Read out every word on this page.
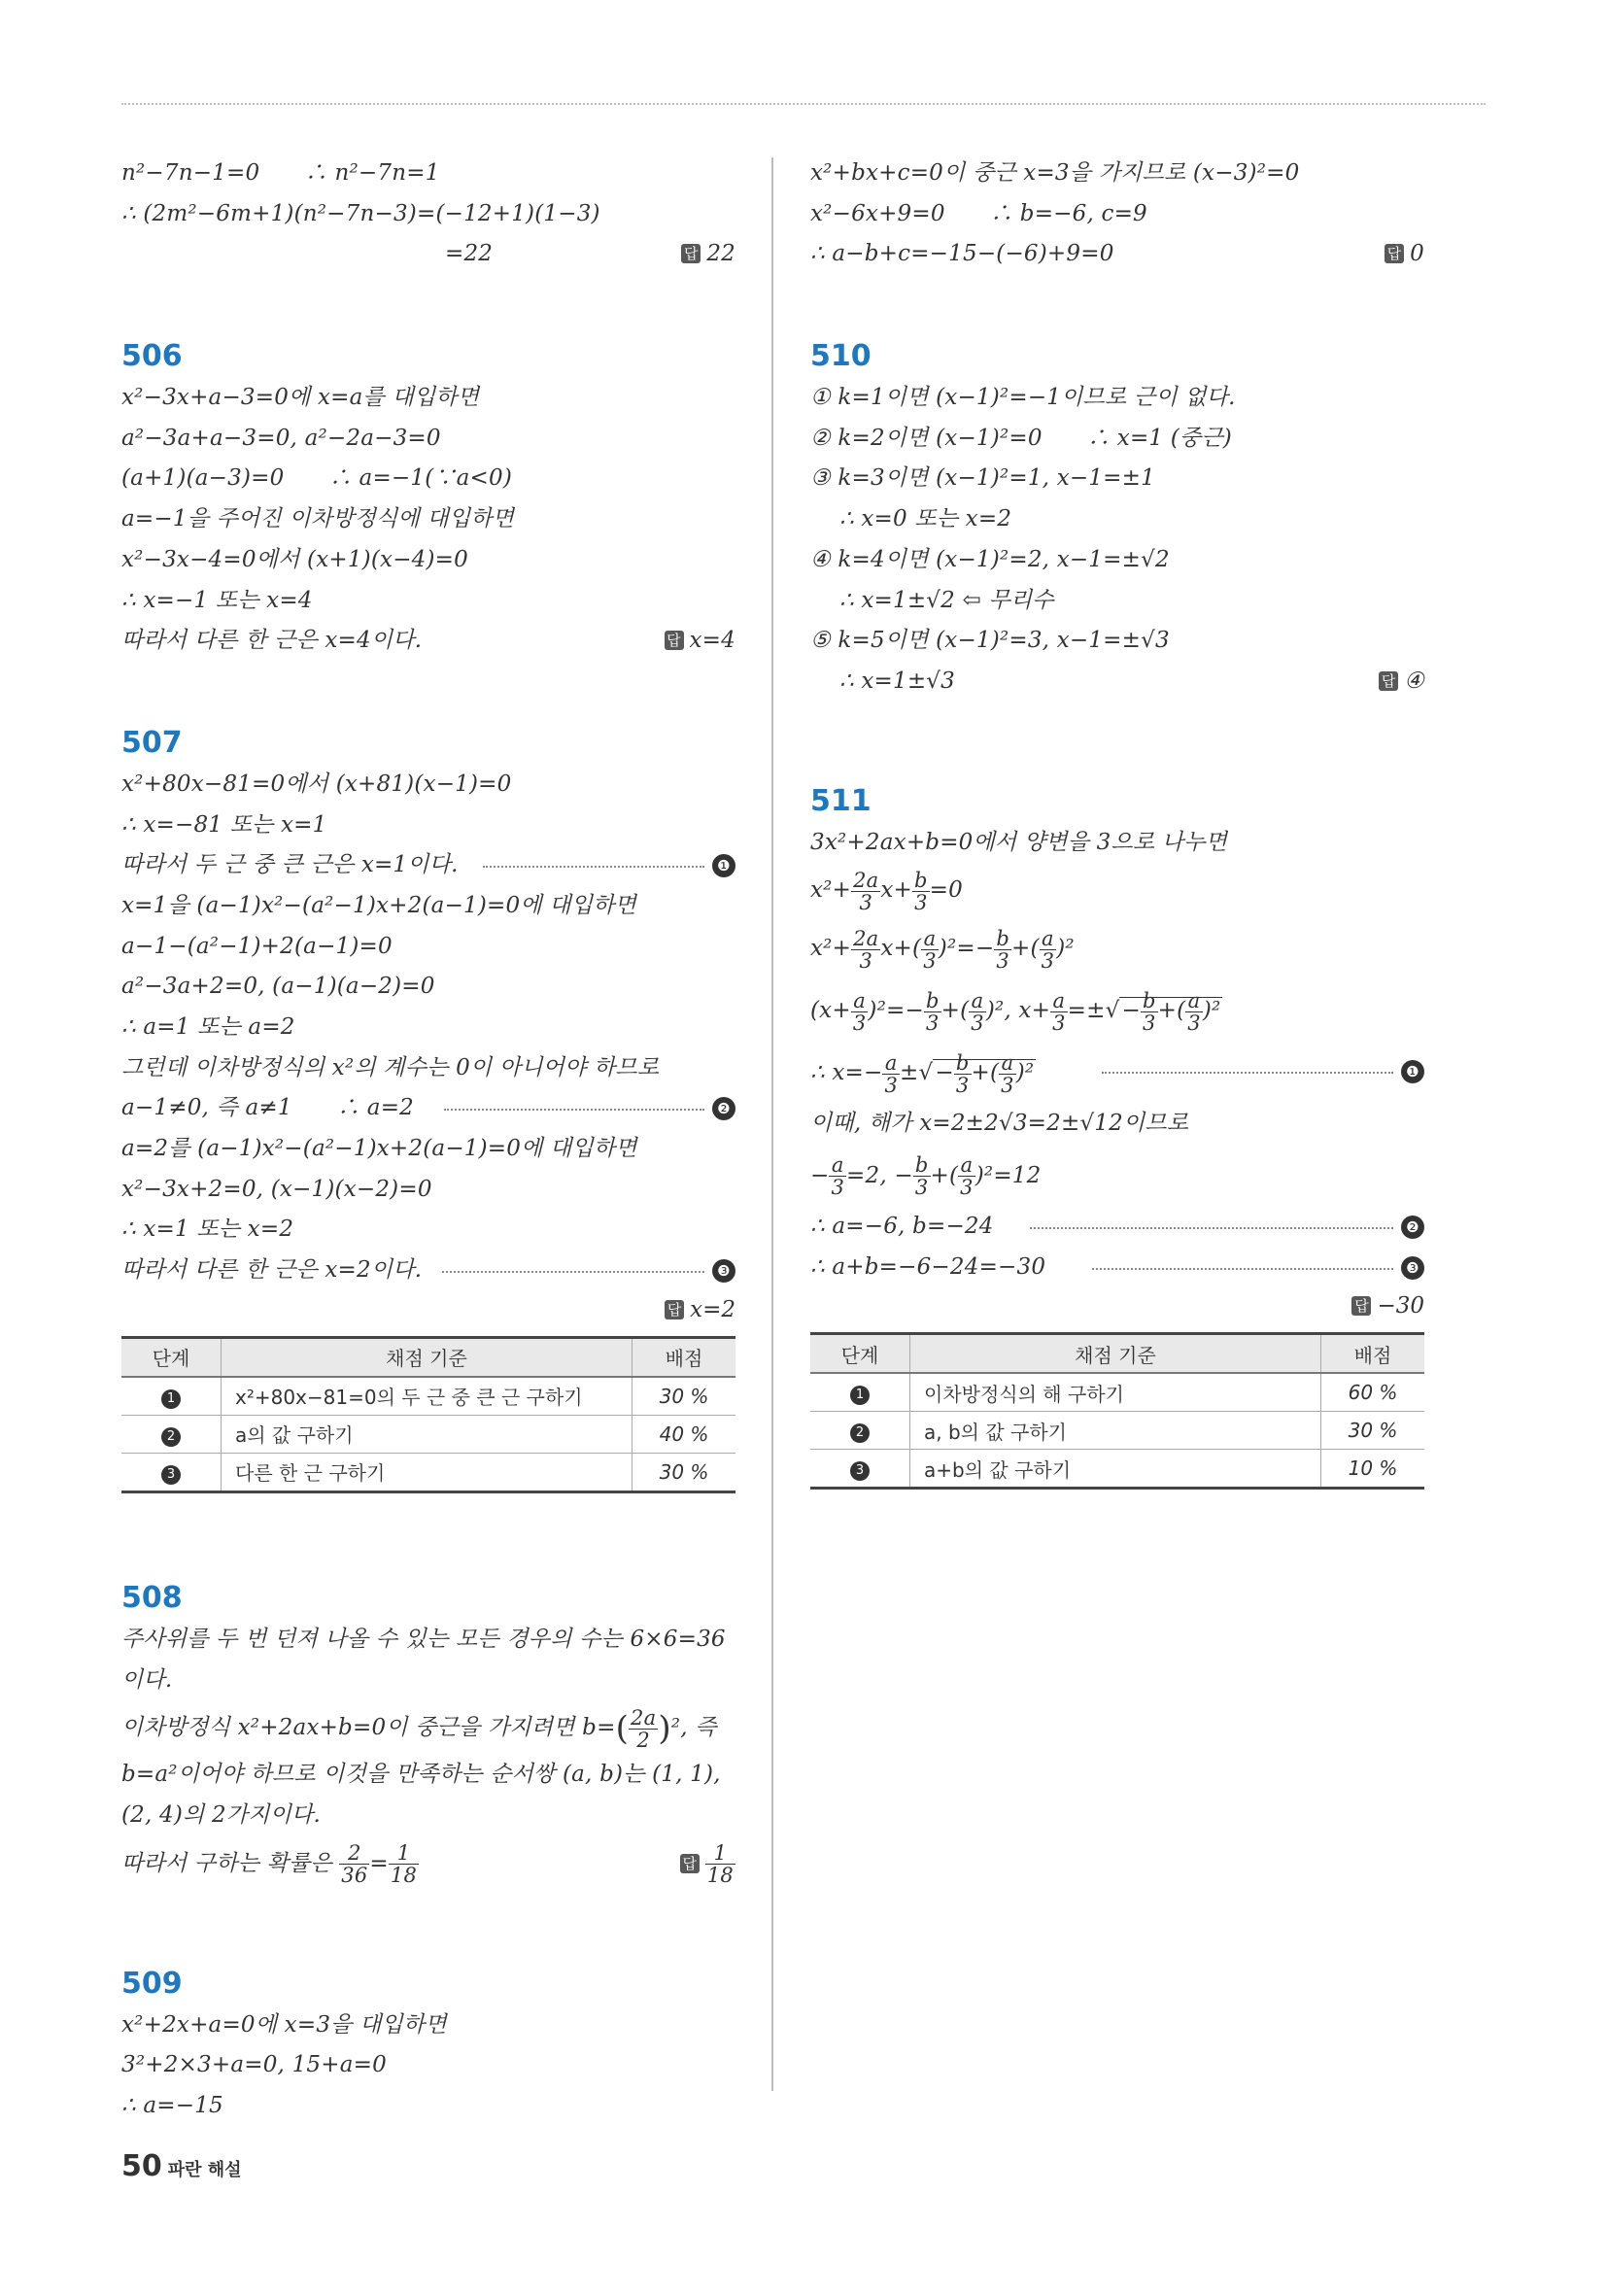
n²−7n−1=0　　∴ n²−7n=1
∴ (2m²−6m+1)(n²−7n−3)=(−12+1)(1−3)
=22	답 22
506
x²−3x+a−3=0에 x=a를 대입하면
a²−3a+a−3=0, a²−2a−3=0
(a+1)(a−3)=0　　∴ a=−1(∵a<0)
a=−1을 주어진 이차방정식에 대입하면
x²−3x−4=0에서 (x+1)(x−4)=0
∴ x=−1 또는 x=4
따라서 다른 한 근은 x=4이다.	답 x=4
507
x²+80x−81=0에서 (x+81)(x−1)=0
∴ x=−81 또는 x=1
따라서 두 근 중 큰 근은 x=1이다.	❶
x=1을 (a−1)x²−(a²−1)x+2(a−1)=0에 대입하면
a−1−(a²−1)+2(a−1)=0
a²−3a+2=0, (a−1)(a−2)=0
∴ a=1 또는 a=2
그런데 이차방정식의 x²의 계수는 0이 아니어야 하므로
a−1≠0, 즉 a≠1　　∴ a=2	❷
a=2를 (a−1)x²−(a²−1)x+2(a−1)=0에 대입하면
x²−3x+2=0, (x−1)(x−2)=0
∴ x=1 또는 x=2
따라서 다른 한 근은 x=2이다.	❸
답 x=2
단계	채점 기준	배점
1	x²+80x−81=0의 두 근 중 큰 근 구하기	30 %
2	a의 값 구하기	40 %
3	다른 한 근 구하기	30 %
508
주사위를 두 번 던져 나올 수 있는 모든 경우의 수는 6×6=36
이다.
이차방정식 x²+2ax+b=0이 중근을 가지려면 $b=( \frac{2a}{2} )^2$, 즉
b=a²이어야 하므로 이것을 만족하는 순서쌍 (a, b)는 (1, 1),
(2, 4)의 2가지이다.
따라서 구하는 확률은 $\frac{2}{36} = \frac{1}{18}$	답 $\frac{1}{18}$
509
x²+2x+a=0에 x=3을 대입하면
3²+2×3+a=0, 15+a=0
∴ a=−15
x²+bx+c=0이 중근 x=3을 가지므로 (x−3)²=0
x²−6x+9=0　　∴ b=−6, c=9
∴ a−b+c=−15−(−6)+9=0	답 0
510
① k=1이면 (x−1)²=−1이므로 근이 없다.
② k=2이면 (x−1)²=0　　∴ x=1 (중근)
③ k=3이면 (x−1)²=1, x−1=±1
∴ x=0 또는 x=2
④ k=4이면 (x−1)²=2, x−1=±√2
∴ x=1±√2 ⇦ 무리수
⑤ k=5이면 (x−1)²=3, x−1=±√3
∴ x=1±√3	답 ④
511
3x²+2ax+b=0에서 양변을 3으로 나누면
$x^2+ \frac{2a}{3} x+ \frac{b}{3} =0$
$x^2+ \frac{2a}{3} x+( \frac{a}{3} )^2=- \frac{b}{3}$ +( $\frac{a}{3} )^2$
$(x+ \frac{a}{3} )^2=- \frac{b}{3}$ +( $\frac{a}{3} )^2$, $x+ \frac{a}{3}$ =±√− $\frac{b}{3}$ +( $\frac{a}{3} )^2$
∴ $x=- \frac{a}{3}$ ±√− $\frac{b}{3}$ +( $\frac{a}{3} )^2$	❶
이때, 해가 x=2±2√3=2±√12이므로
− $\frac{a}{3} =2$, − $\frac{b}{3}$ +( $\frac{a}{3} )^2=12$
∴ a=−6, b=−24	❷
∴ a+b=−6−24=−30	❸
답 −30
단계	채점 기준	배점
1	이차방정식의 해 구하기	60 %
2	a, b의 값 구하기	30 %
3	a+b의 값 구하기	10 %
50 파란 해설
